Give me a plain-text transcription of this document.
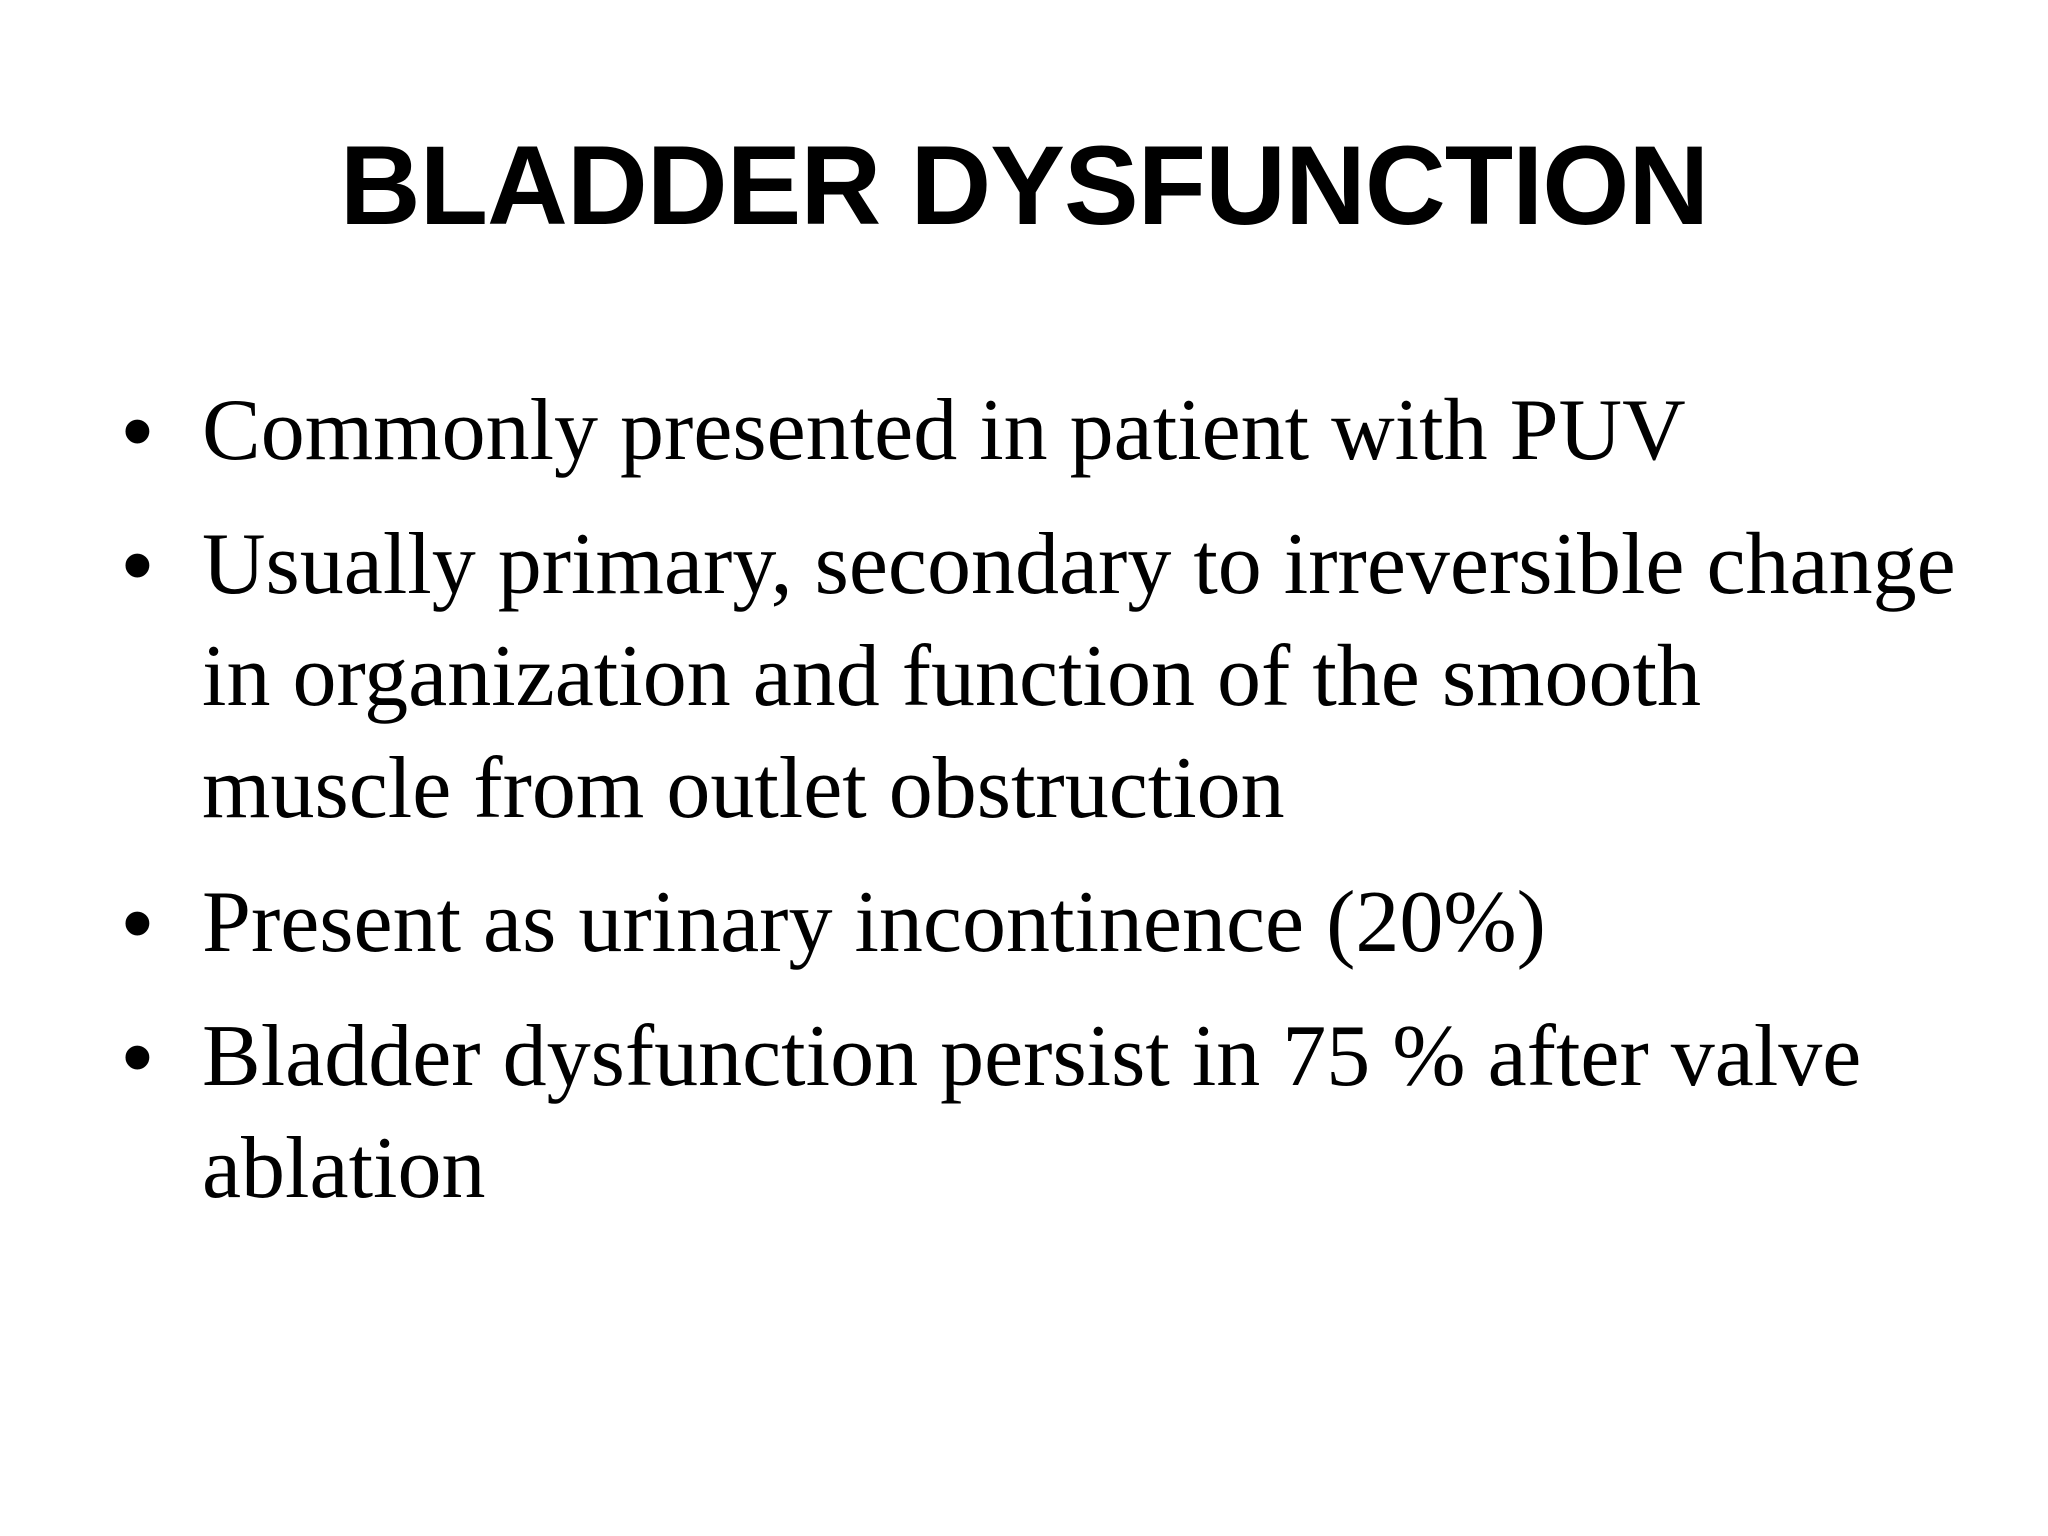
BLADDER DYSFUNCTION
• Commonly presented in patient with PUV
• Usually primary, secondary to irreversible change in organization and function of the smooth muscle from outlet obstruction
• Present as urinary incontinence (20%)
• Bladder dysfunction persist in 75 % after valve ablation
